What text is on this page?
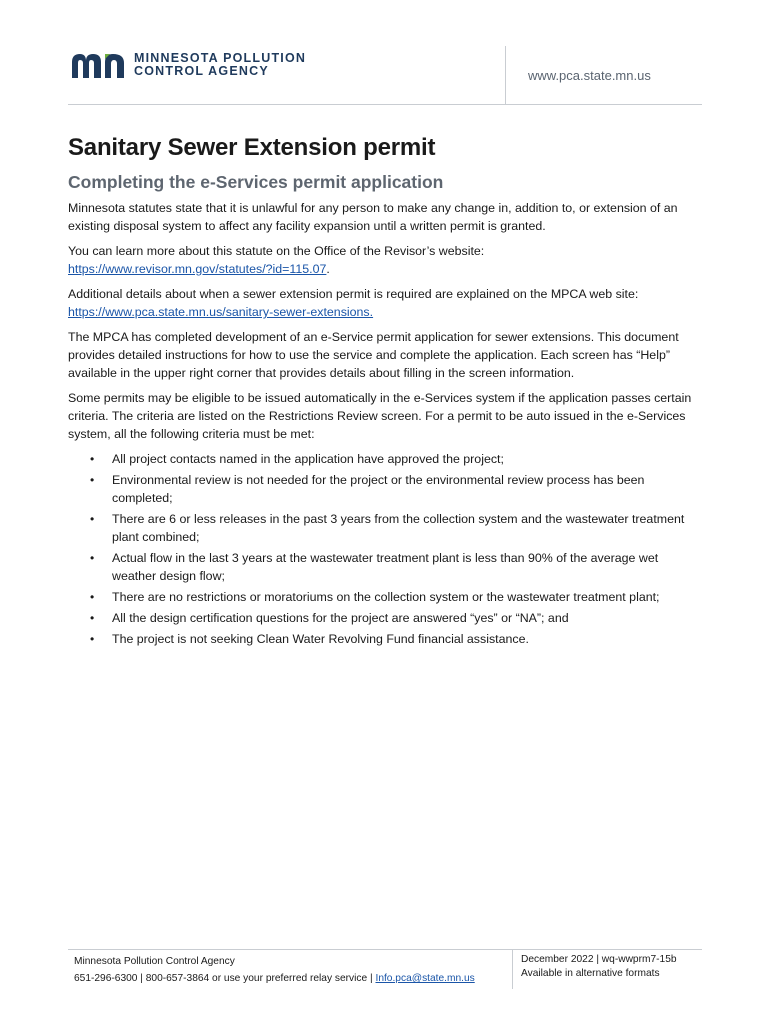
MINNESOTA POLLUTION
CONTROL AGENCY	www.pca.state.mn.us
Sanitary Sewer Extension permit
Completing the e-Services permit application

Minnesota statutes state that it is unlawful for any person to make any change in, addition to, or extension of an existing disposal system to affect any facility expansion until a written permit is granted.

You can learn more about this statute on the Office of the Revisor’s website:
https://www.revisor.mn.gov/statutes/?id=115.07.

Additional details about when a sewer extension permit is required are explained on the MPCA web site:
https://www.pca.state.mn.us/sanitary-sewer-extensions.

The MPCA has completed development of an e-Service permit application for sewer extensions. This document provides detailed instructions for how to use the service and complete the application. Each screen has “Help” available in the upper right corner that provides details about filling in the screen information.

Some permits may be eligible to be issued automatically in the e-Services system if the application passes certain criteria. The criteria are listed on the Restrictions Review screen. For a permit to be auto issued in the e-Services system, all the following criteria must be met:

• All project contacts named in the application have approved the project;
• Environmental review is not needed for the project or the environmental review process has been completed;
• There are 6 or less releases in the past 3 years from the collection system and the wastewater treatment plant combined;
• Actual flow in the last 3 years at the wastewater treatment plant is less than 90% of the average wet weather design flow;
• There are no restrictions or moratoriums on the collection system or the wastewater treatment plant;
• All the design certification questions for the project are answered “yes” or “NA”; and
• The project is not seeking Clean Water Revolving Fund financial assistance.
Minnesota Pollution Control Agency
651-296-6300 | 800-657-3864 or use your preferred relay service | Info.pca@state.mn.us
December 2022 | wq-wwprm7-15b
Available in alternative formats
